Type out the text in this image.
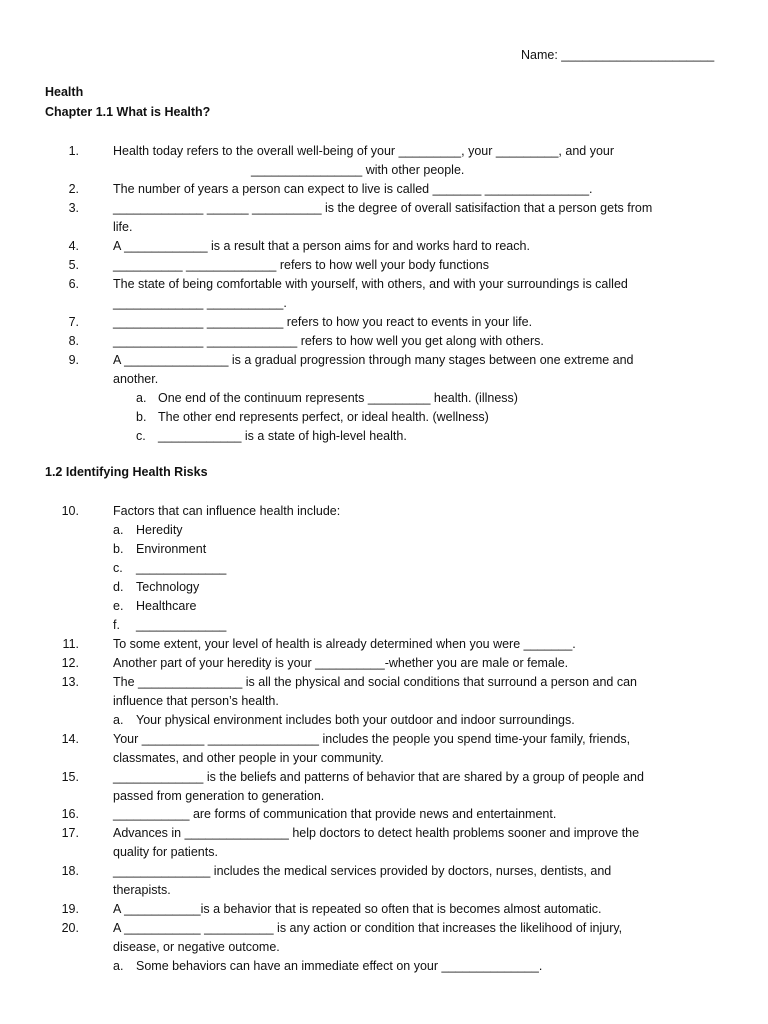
Name: ______________________
Health
Chapter 1.1 What is Health?
1.	Health today refers to the overall well-being of your _________, your _________, and your
________________ with other people.
2.	The number of years a person can expect to live is called _______ _______________.
3.	_____________ ______ __________ is the degree of overall satisifaction that a person gets from
life.
4.	A ____________ is a result that a person aims for and works hard to reach.
5.	__________ _____________ refers to how well your body functions
6.	The state of being comfortable with yourself, with others, and with your surroundings is called
_____________ ___________.
7.	_____________ ___________ refers to how you react to events in your life.
8.	_____________ _____________ refers to how well you get along with others.
9.	A _______________ is a gradual progression through many stages between one extreme and
another.
a. One end of the continuum represents _________ health. (illness)
b. The other end represents perfect, or ideal health. (wellness)
c. ____________ is a state of high-level health.
1.2 Identifying Health Risks
10.	Factors that can influence health include:
a. Heredity
b. Environment
c. _____________
d. Technology
e. Healthcare
f. _____________
11.	To some extent, your level of health is already determined when you were _______.
12.	Another part of your heredity is your __________-whether you are male or female.
13.	The _______________ is all the physical and social conditions that surround a person and can
influence that person’s health.
a. Your physical environment includes both your outdoor and indoor surroundings.
14.	Your _________ ________________ includes the people you spend time-your family, friends,
classmates, and other people in your community.
15.	_____________ is the beliefs and patterns of behavior that are shared by a group of people and
passed from generation to generation.
16.	___________ are forms of communication that provide news and entertainment.
17.	Advances in _______________ help doctors to detect health problems sooner and improve the
quality for patients.
18.	______________ includes the medical services provided by doctors, nurses, dentists, and
therapists.
19.	A ___________is a behavior that is repeated so often that is becomes almost automatic.
20.	A ___________ __________ is any action or condition that increases the likelihood of injury,
disease, or negative outcome.
a. Some behaviors can have an immediate effect on your ______________.
